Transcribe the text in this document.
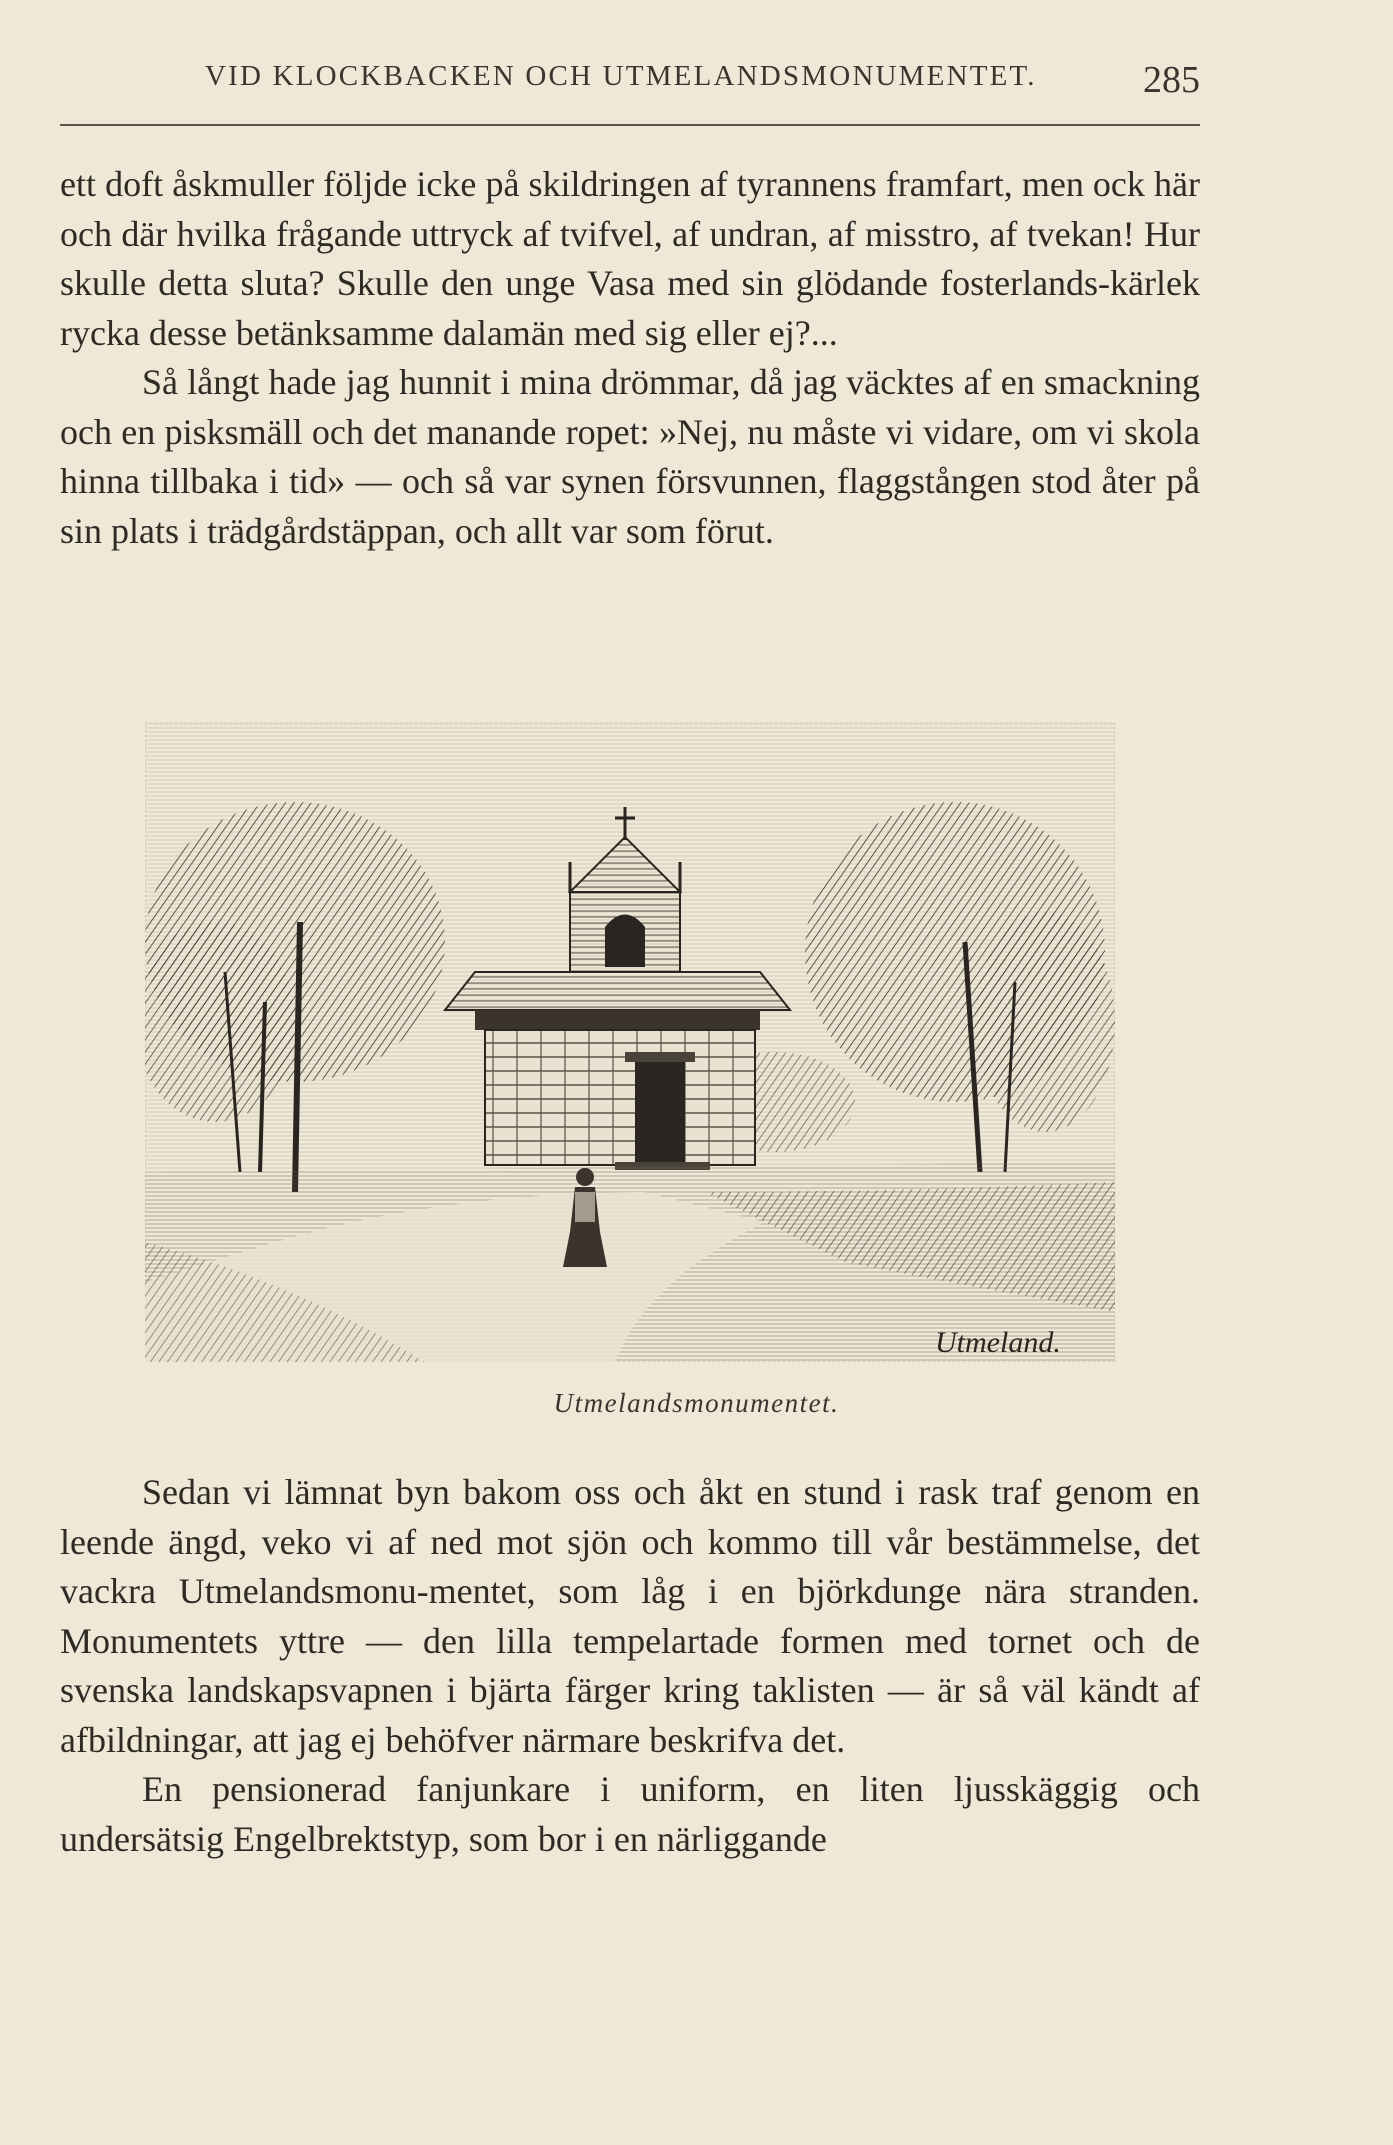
VID KLOCKBACKEN OCH UTMELANDSMONUMENTET.	285

ett doft åskmuller följde icke på skildringen af tyrannens framfart, men ock här och där hvilka frågande uttryck af tvifvel, af undran, af misstro, af tvekan! Hur skulle detta sluta? Skulle den unge Vasa med sin glödande fosterlands-kärlek rycka desse betänksamme dalamän med sig eller ej?...

Så långt hade jag hunnit i mina drömmar, då jag väcktes af en smackning och en pisksmäll och det manande ropet: »Nej, nu måste vi vidare, om vi skola hinna tillbaka i tid» — och så var synen försvunnen, flaggstången stod åter på sin plats i trädgårdstäppan, och allt var som förut.

Utmeland.
Utmelandsmonumentet.

Sedan vi lämnat byn bakom oss och åkt en stund i rask traf genom en leende ängd, veko vi af ned mot sjön och kommo till vår bestämmelse, det vackra Utmelandsmonu-mentet, som låg i en björkdunge nära stranden. Monumentets yttre — den lilla tempelartade formen med tornet och de svenska landskapsvapnen i bjärta färger kring taklisten — är så väl kändt af afbildningar, att jag ej behöfver närmare beskrifva det.

En pensionerad fanjunkare i uniform, en liten ljusskäggig och undersätsig Engelbrektstyp, som bor i en närliggande
